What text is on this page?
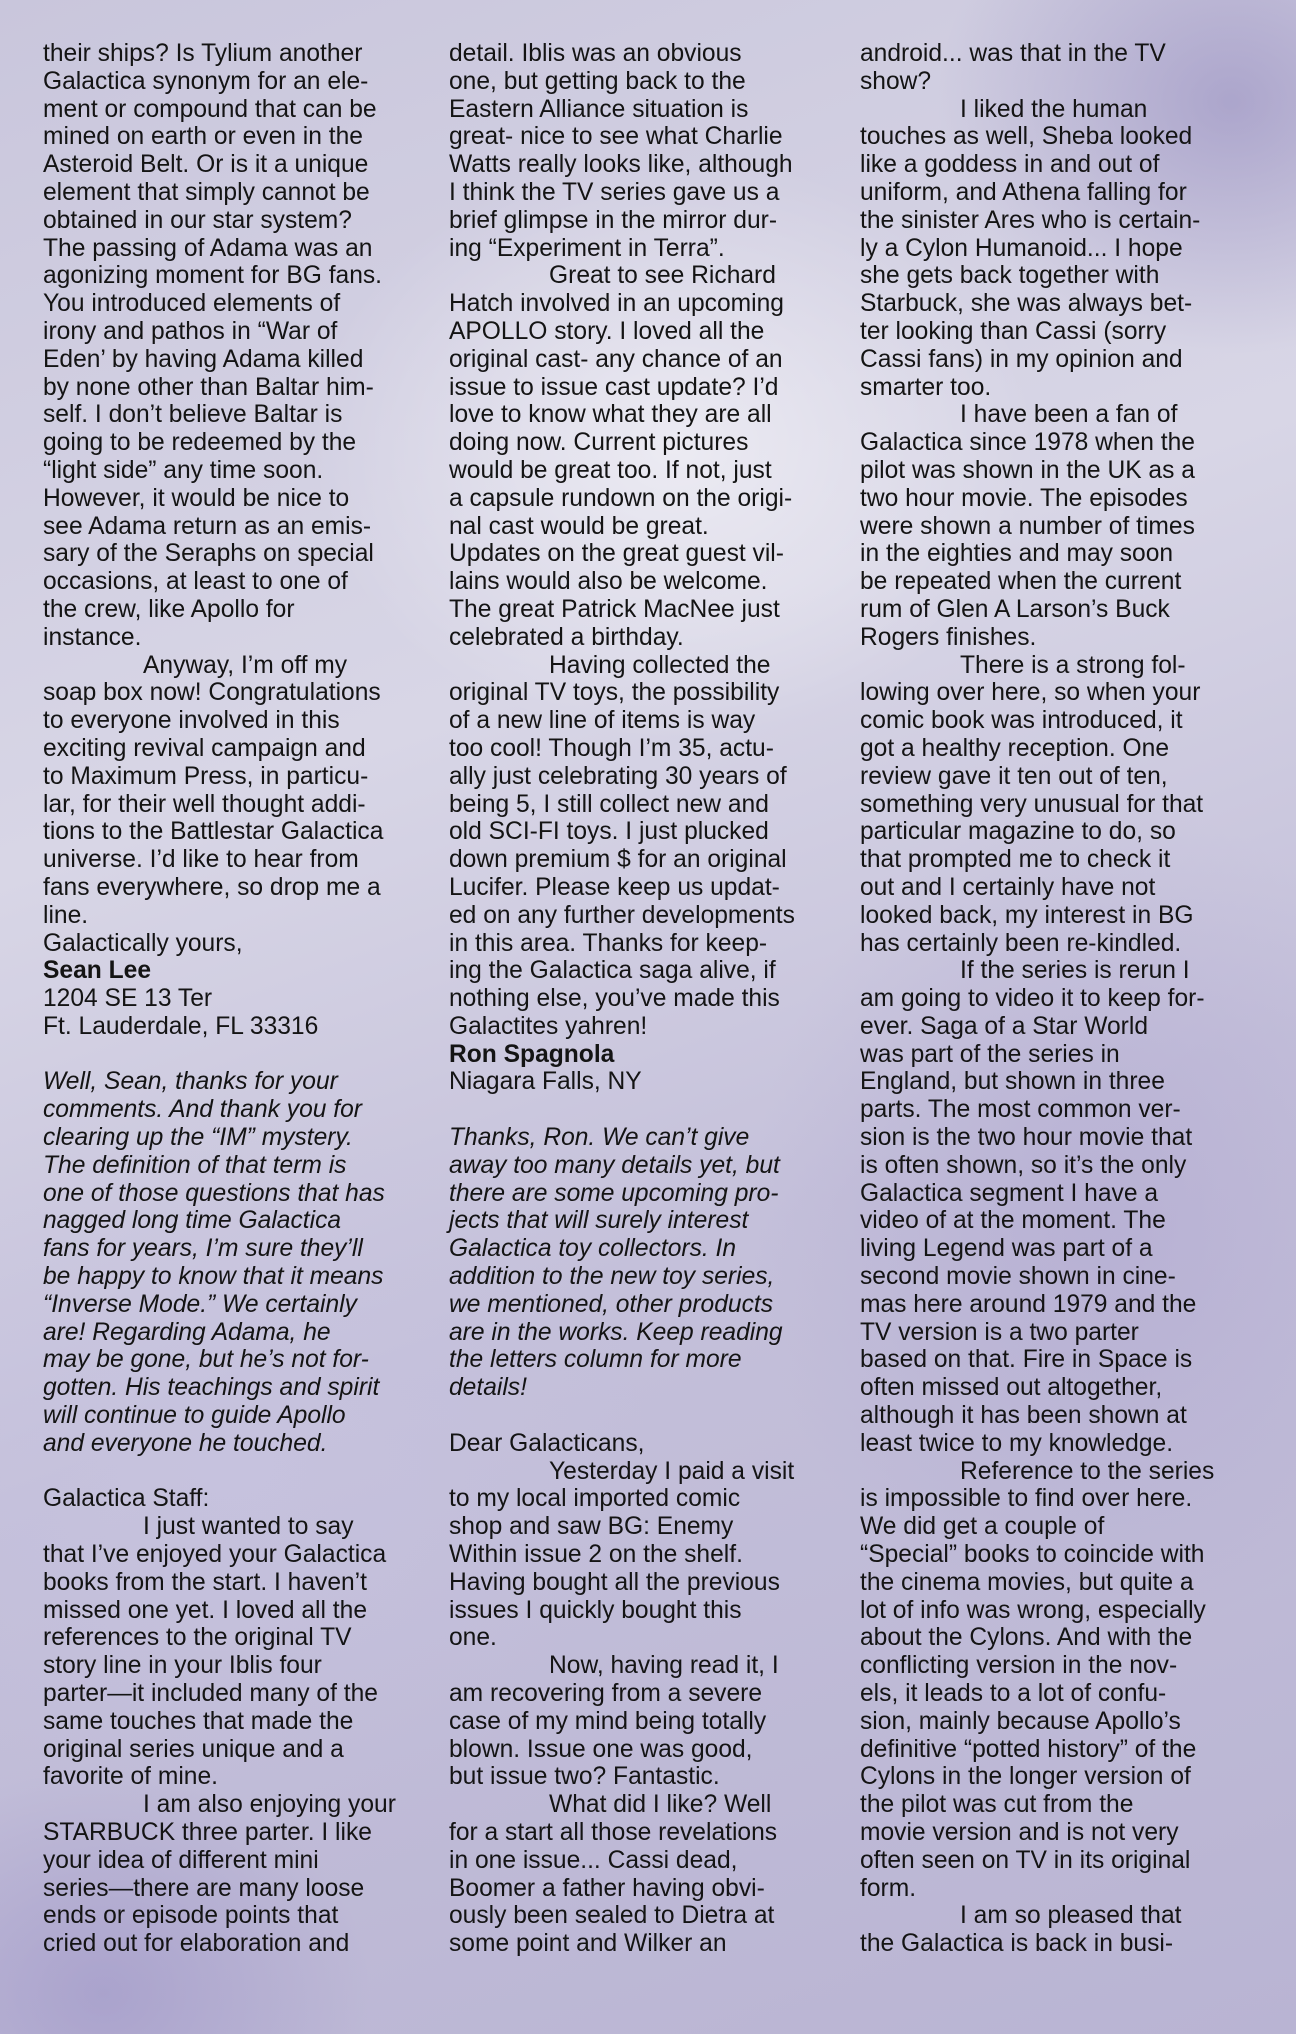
their ships? Is Tylium another
Galactica synonym for an ele-
ment or compound that can be
mined on earth or even in the
Asteroid Belt. Or is it a unique
element that simply cannot be
obtained in our star system?
The passing of Adama was an
agonizing moment for BG fans.
You introduced elements of
irony and pathos in “War of
Eden’ by having Adama killed
by none other than Baltar him-
self. I don’t believe Baltar is
going to be redeemed by the
“light side” any time soon.
However, it would be nice to
see Adama return as an emis-
sary of the Seraphs on special
occasions, at least to one of
the crew, like Apollo for
instance.
Anyway, I’m off my
soap box now! Congratulations
to everyone involved in this
exciting revival campaign and
to Maximum Press, in particu-
lar, for their well thought addi-
tions to the Battlestar Galactica
universe. I’d like to hear from
fans everywhere, so drop me a
line.
Galactically yours,
Sean Lee
1204 SE 13 Ter
Ft. Lauderdale, FL 33316
Well, Sean, thanks for your
comments. And thank you for
clearing up the “IM” mystery.
The definition of that term is
one of those questions that has
nagged long time Galactica
fans for years, I’m sure they’ll
be happy to know that it means
“Inverse Mode.” We certainly
are! Regarding Adama, he
may be gone, but he’s not for-
gotten. His teachings and spirit
will continue to guide Apollo
and everyone he touched.
Galactica Staff:
I just wanted to say
that I’ve enjoyed your Galactica
books from the start. I haven’t
missed one yet. I loved all the
references to the original TV
story line in your Iblis four
parter—it included many of the
same touches that made the
original series unique and a
favorite of mine.
I am also enjoying your
STARBUCK three parter. I like
your idea of different mini
series—there are many loose
ends or episode points that
cried out for elaboration and
detail. Iblis was an obvious
one, but getting back to the
Eastern Alliance situation is
great- nice to see what Charlie
Watts really looks like, although
I think the TV series gave us a
brief glimpse in the mirror dur-
ing “Experiment in Terra”.
Great to see Richard
Hatch involved in an upcoming
APOLLO story. I loved all the
original cast- any chance of an
issue to issue cast update? I’d
love to know what they are all
doing now. Current pictures
would be great too. If not, just
a capsule rundown on the origi-
nal cast would be great.
Updates on the great guest vil-
lains would also be welcome.
The great Patrick MacNee just
celebrated a birthday.
Having collected the
original TV toys, the possibility
of a new line of items is way
too cool! Though I’m 35, actu-
ally just celebrating 30 years of
being 5, I still collect new and
old SCI-FI toys. I just plucked
down premium $ for an original
Lucifer. Please keep us updat-
ed on any further developments
in this area. Thanks for keep-
ing the Galactica saga alive, if
nothing else, you’ve made this
Galactites yahren!
Ron Spagnola
Niagara Falls, NY
Thanks, Ron. We can’t give
away too many details yet, but
there are some upcoming pro-
jects that will surely interest
Galactica toy collectors. In
addition to the new toy series,
we mentioned, other products
are in the works. Keep reading
the letters column for more
details!
Dear Galacticans,
Yesterday I paid a visit
to my local imported comic
shop and saw BG: Enemy
Within issue 2 on the shelf.
Having bought all the previous
issues I quickly bought this
one.
Now, having read it, I
am recovering from a severe
case of my mind being totally
blown. Issue one was good,
but issue two? Fantastic.
What did I like? Well
for a start all those revelations
in one issue... Cassi dead,
Boomer a father having obvi-
ously been sealed to Dietra at
some point and Wilker an
android... was that in the TV
show?
I liked the human
touches as well, Sheba looked
like a goddess in and out of
uniform, and Athena falling for
the sinister Ares who is certain-
ly a Cylon Humanoid... I hope
she gets back together with
Starbuck, she was always bet-
ter looking than Cassi (sorry
Cassi fans) in my opinion and
smarter too.
I have been a fan of
Galactica since 1978 when the
pilot was shown in the UK as a
two hour movie. The episodes
were shown a number of times
in the eighties and may soon
be repeated when the current
rum of Glen A Larson’s Buck
Rogers finishes.
There is a strong fol-
lowing over here, so when your
comic book was introduced, it
got a healthy reception. One
review gave it ten out of ten,
something very unusual for that
particular magazine to do, so
that prompted me to check it
out and I certainly have not
looked back, my interest in BG
has certainly been re-kindled.
If the series is rerun I
am going to video it to keep for-
ever. Saga of a Star World
was part of the series in
England, but shown in three
parts. The most common ver-
sion is the two hour movie that
is often shown, so it’s the only
Galactica segment I have a
video of at the moment. The
living Legend was part of a
second movie shown in cine-
mas here around 1979 and the
TV version is a two parter
based on that. Fire in Space is
often missed out altogether,
although it has been shown at
least twice to my knowledge.
Reference to the series
is impossible to find over here.
We did get a couple of
“Special” books to coincide with
the cinema movies, but quite a
lot of info was wrong, especially
about the Cylons. And with the
conflicting version in the nov-
els, it leads to a lot of confu-
sion, mainly because Apollo’s
definitive “potted history” of the
Cylons in the longer version of
the pilot was cut from the
movie version and is not very
often seen on TV in its original
form.
I am so pleased that
the Galactica is back in busi-
